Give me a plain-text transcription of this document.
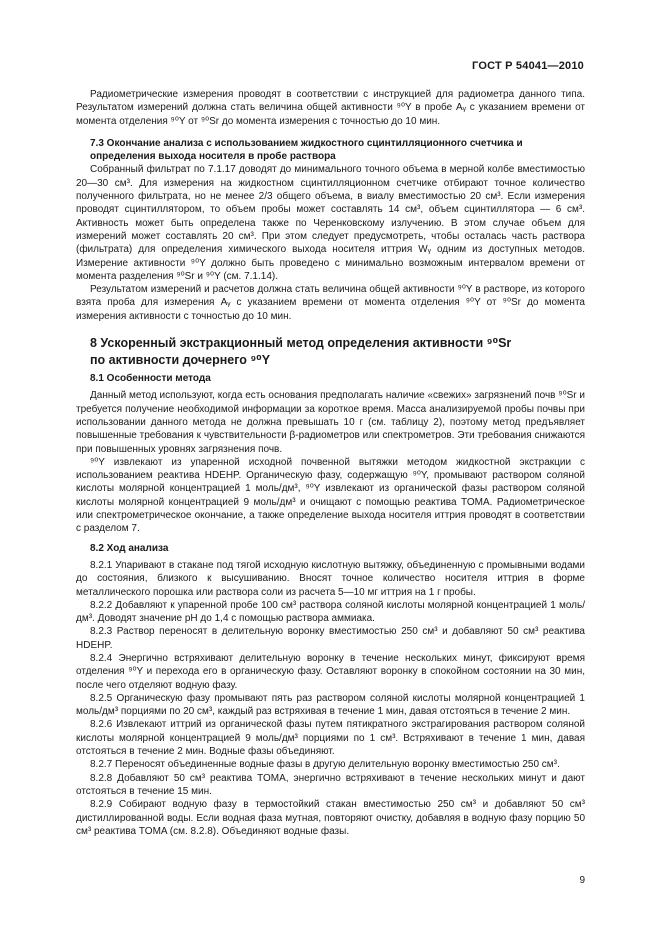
ГОСТ Р 54041—2010

Радиометрические измерения проводят в соответствии с инструкцией для радиометра данного типа. Результатом измерений должна стать величина общей активности ⁹⁰Y в пробе Aᵧ с указанием времени от момента отделения ⁹⁰Y от ⁹⁰Sr до момента измерения с точностью до 10 мин.

7.3 Окончание анализа с использованием жидкостного сцинтилляционного счетчика и определения выхода носителя в пробе раствора

Собранный фильтрат по 7.1.17 доводят до минимального точного объема в мерной колбе вместимостью 20—30 см³. Для измерения на жидкостном сцинтилляционном счетчике отбирают точное количество полученного фильтрата, но не менее 2/3 общего объема, в виалу вместимостью 20 см³. Если измерения проводят сцинтиллятором, то объем пробы может составлять 14 см³, объем сцинтиллятора — 6 см³. Активность может быть определена также по Черенковскому излучению. В этом случае объем для измерений может составлять 20 см³. При этом следует предусмотреть, чтобы осталась часть раствора (фильтрата) для определения химического выхода носителя иттрия Wᵧ одним из доступных методов. Измерение активности ⁹⁰Y должно быть проведено с минимально возможным интервалом времени от момента разделения ⁹⁰Sr и ⁹⁰Y (см. 7.1.14).

Результатом измерений и расчетов должна стать величина общей активности ⁹⁰Y в растворе, из которого взята проба для измерения Aᵧ с указанием времени от момента отделения ⁹⁰Y от ⁹⁰Sr до момента измерения активности с точностью до 10 мин.

8 Ускоренный экстракционный метод определения активности ⁹⁰Sr
по активности дочернего ⁹⁰Y
8.1 Особенности метода

Данный метод используют, когда есть основания предполагать наличие «свежих» загрязнений почв ⁹⁰Sr и требуется получение необходимой информации за короткое время. Масса анализируемой пробы почвы при использовании данного метода не должна превышать 10 г (см. таблицу 2), поэтому метод предъявляет повышенные требования к чувствительности β-радиометров или спектрометров. Эти требования снижаются при повышенных уровнях загрязнения почв.

⁹⁰Y извлекают из упаренной исходной почвенной вытяжки методом жидкостной экстракции с использованием реактива HDEHP. Органическую фазу, содержащую ⁹⁰Y, промывают раствором соляной кислоты молярной концентрацией 1 моль/дм³, ⁹⁰Y извлекают из органической фазы раствором соляной кислоты молярной концентрацией 9 моль/дм³ и очищают с помощью реактива TOMA. Радиометрическое или спектрометрическое окончание, а также определение выхода носителя иттрия проводят в соответствии с разделом 7.

8.2 Ход анализа

8.2.1 Упаривают в стакане под тягой исходную кислотную вытяжку, объединенную с промывными водами до состояния, близкого к высушиванию. Вносят точное количество носителя иттрия в форме металлического порошка или раствора соли из расчета 5—10 мг иттрия на 1 г пробы.

8.2.2 Добавляют к упаренной пробе 100 см³ раствора соляной кислоты молярной концентрацией 1 моль/дм³. Доводят значение рН до 1,4 с помощью раствора аммиака.

8.2.3 Раствор переносят в делительную воронку вместимостью 250 см³ и добавляют 50 см³ реактива HDEHP.

8.2.4 Энергично встряхивают делительную воронку в течение нескольких минут, фиксируют время отделения ⁹⁰Y и перехода его в органическую фазу. Оставляют воронку в спокойном состоянии на 30 мин, после чего отделяют водную фазу.

8.2.5 Органическую фазу промывают пять раз раствором соляной кислоты молярной концентрацией 1 моль/дм³ порциями по 20 см³, каждый раз встряхивая в течение 1 мин, давая отстояться в течение 2 мин.

8.2.6 Извлекают иттрий из органической фазы путем пятикратного экстрагирования раствором соляной кислоты молярной концентрацией 9 моль/дм³ порциями по 1 см³. Встряхивают в течение 1 мин, давая отстояться в течение 2 мин. Водные фазы объединяют.

8.2.7 Переносят объединенные водные фазы в другую делительную воронку вместимостью 250 см³.

8.2.8 Добавляют 50 см³ реактива TOMA, энергично встряхивают в течение нескольких минут и дают отстояться в течение 15 мин.

8.2.9 Собирают водную фазу в термостойкий стакан вместимостью 250 см³ и добавляют 50 см³ дистиллированной воды. Если водная фаза мутная, повторяют очистку, добавляя в водную фазу порцию 50 см³ реактива TOMA (см. 8.2.8). Объединяют водные фазы.

9
